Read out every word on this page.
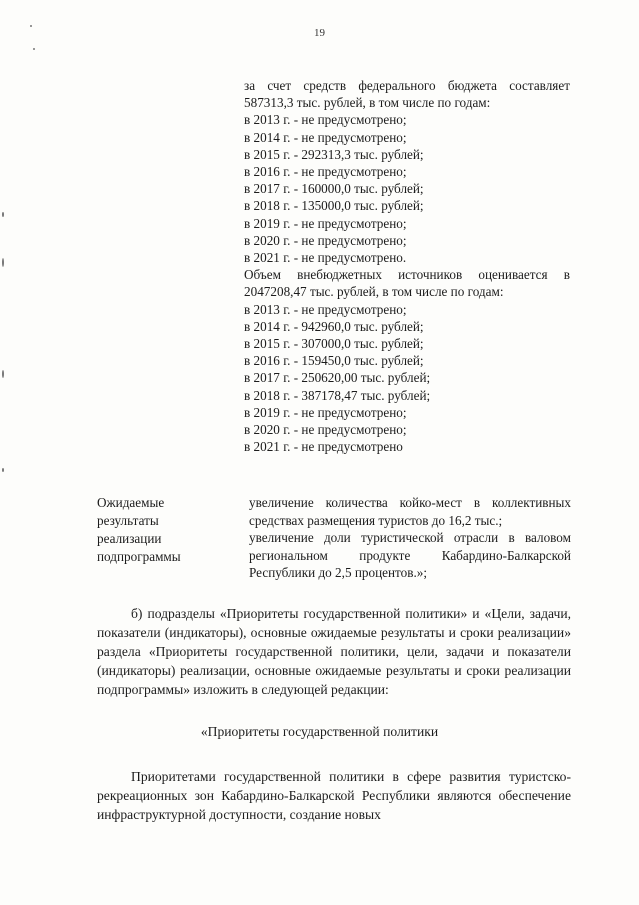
19
за счет средств федерального бюджета составляет 587313,3 тыс. рублей, в том числе по годам:
в 2013 г. - не предусмотрено;
в 2014 г. - не предусмотрено;
в 2015 г. - 292313,3 тыс. рублей;
в 2016 г. - не предусмотрено;
в 2017 г. - 160000,0 тыс. рублей;
в 2018 г. - 135000,0 тыс. рублей;
в 2019 г. - не предусмотрено;
в 2020 г. - не предусмотрено;
в 2021 г. - не предусмотрено.
Объем внебюджетных источников оценивается в 2047208,47 тыс. рублей, в том числе по годам:
в 2013 г. - не предусмотрено;
в 2014 г. - 942960,0 тыс. рублей;
в 2015 г. - 307000,0 тыс. рублей;
в 2016 г. - 159450,0 тыс. рублей;
в 2017 г. - 250620,00 тыс. рублей;
в 2018 г. - 387178,47 тыс. рублей;
в 2019 г. - не предусмотрено;
в 2020 г. - не предусмотрено;
в 2021 г. - не предусмотрено
Ожидаемые
результаты
реализации
подпрограммы

увеличение количества койко-мест в коллективных средствах размещения туристов до 16,2 тыс.;

увеличение доли туристической отрасли в валовом региональном продукте Кабардино-Балкарской Республики до 2,5 процентов.»;

б) подразделы «Приоритеты государственной политики» и «Цели, задачи, показатели (индикаторы), основные ожидаемые результаты и сроки реализации» раздела «Приоритеты государственной политики, цели, задачи и показатели (индикаторы) реализации, основные ожидаемые результаты и сроки реализации подпрограммы» изложить в следующей редакции:

«Приоритеты государственной политики

Приоритетами государственной политики в сфере развития туристско-рекреационных зон Кабардино-Балкарской Республики являются обеспечение инфраструктурной доступности, создание новых
